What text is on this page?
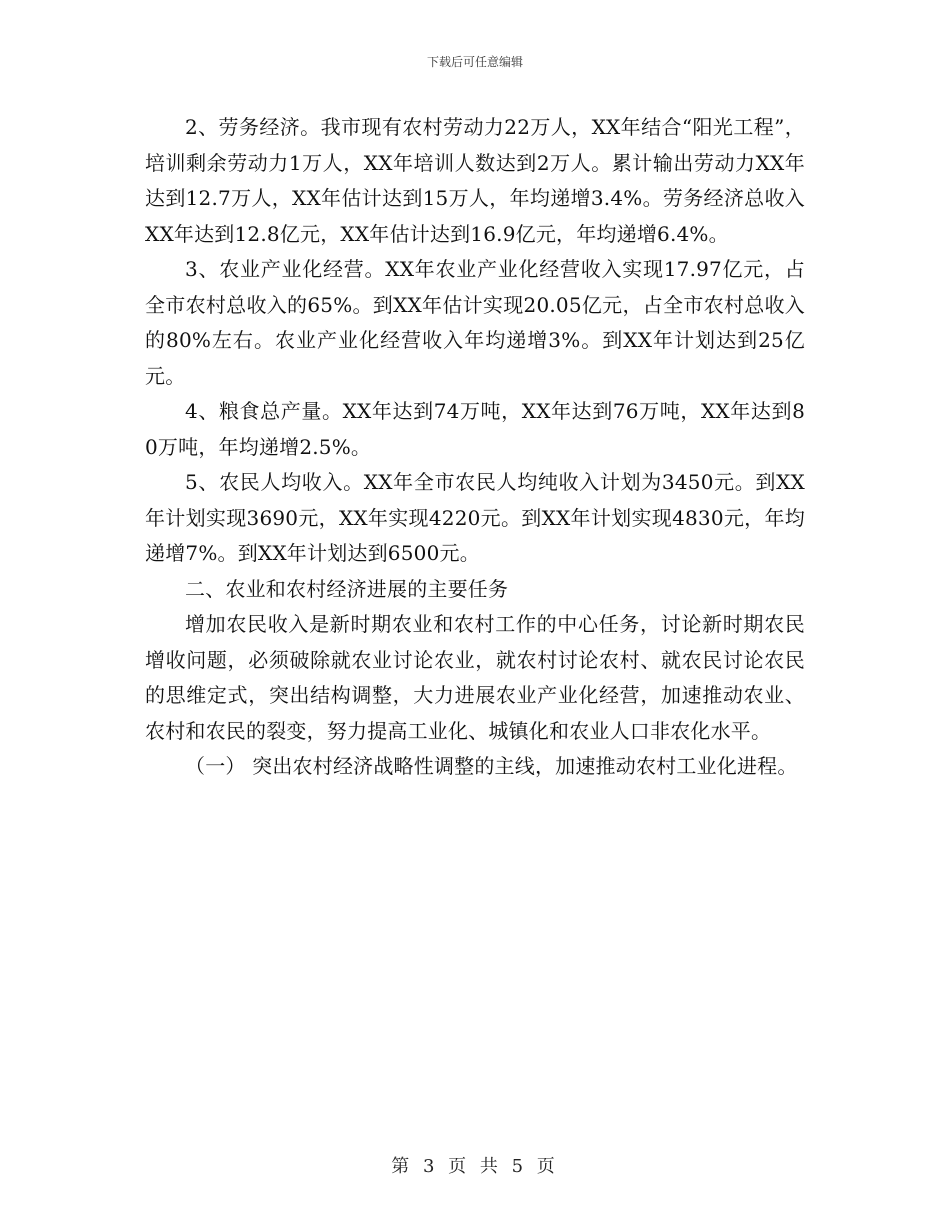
下载后可任意编辑

2、劳务经济。我市现有农村劳动力22万人，XX年结合“阳光工程”，培训剩余劳动力1万人，XX年培训人数达到2万人。累计输出劳动力XX年达到12.7万人，XX年估计达到15万人，年均递增3.4%。劳务经济总收入XX年达到12.8亿元，XX年估计达到16.9亿元，年均递增6.4%。

3、农业产业化经营。XX年农业产业化经营收入实现17.97亿元，占全市农村总收入的65%。到XX年估计实现20.05亿元，占全市农村总收入的80%左右。农业产业化经营收入年均递增3%。到XX年计划达到25亿元。

4、粮食总产量。XX年达到74万吨，XX年达到76万吨，XX年达到80万吨，年均递增2.5%。

5、农民人均收入。XX年全市农民人均纯收入计划为3450元。到XX年计划实现3690元，XX年实现4220元。到XX年计划实现4830元，年均递增7%。到XX年计划达到6500元。

二、农业和农村经济进展的主要任务

增加农民收入是新时期农业和农村工作的中心任务，讨论新时期农民增收问题，必须破除就农业讨论农业，就农村讨论农村、就农民讨论农民的思维定式，突出结构调整，大力进展农业产业化经营，加速推动农业、农村和农民的裂变，努力提高工业化、城镇化和农业人口非农化水平。

（一） 突出农村经济战略性调整的主线，加速推动农村工业化进程。

第 3 页 共 5 页
